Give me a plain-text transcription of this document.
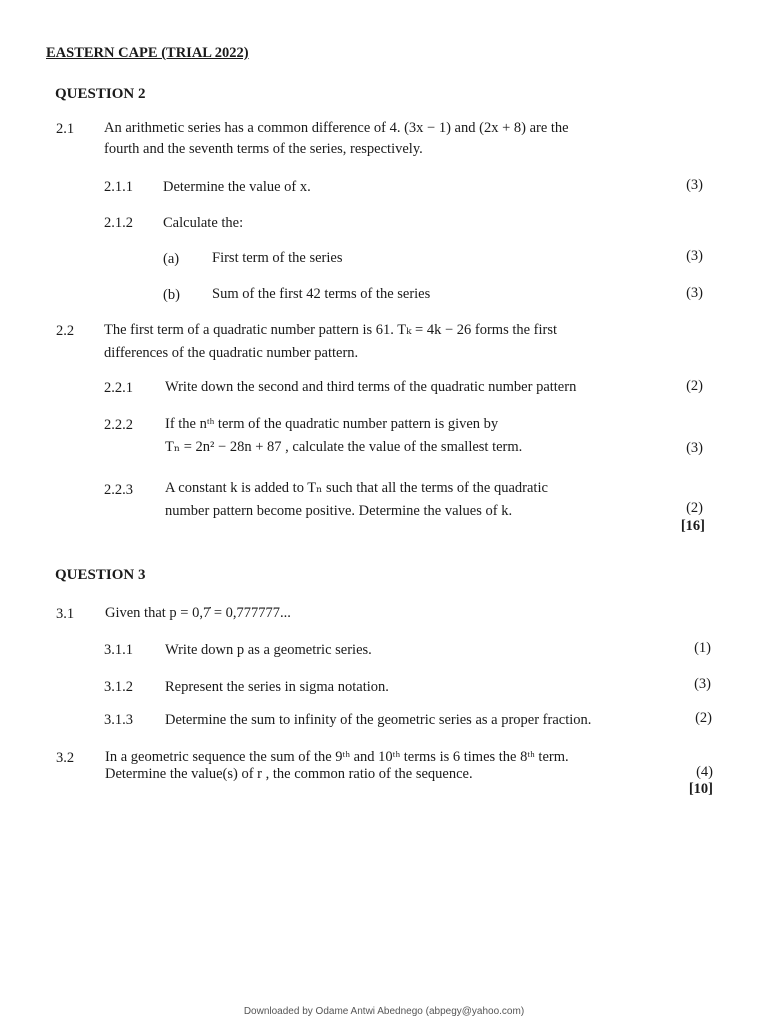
EASTERN CAPE (TRIAL 2022)
QUESTION 2
2.1 An arithmetic series has a common difference of 4. (3x − 1) and (2x + 8) are the
fourth and the seventh terms of the series, respectively.
2.1.1 Determine the value of x.	(3)
2.1.2 Calculate the:
(a) First term of the series	(3)
(b) Sum of the first 42 terms of the series	(3)
2.2 The first term of a quadratic number pattern is 61. Tₖ = 4k − 26 forms the first
differences of the quadratic number pattern.
2.2.1 Write down the second and third terms of the quadratic number pattern	(2)
2.2.2 If the nᵗʰ term of the quadratic number pattern is given by
Tₙ = 2n² − 28n + 87 , calculate the value of the smallest term.	(3)
2.2.3 A constant k is added to Tₙ such that all the terms of the quadratic
number pattern become positive. Determine the values of k.	(2)
[16]
QUESTION 3
3.1 Given that p = 0,7̇ = 0,777777...
3.1.1 Write down p as a geometric series.	(1)
3.1.2 Represent the series in sigma notation.	(3)
3.1.3 Determine the sum to infinity of the geometric series as a proper fraction.	(2)
3.2 In a geometric sequence the sum of the 9ᵗʰ and 10ᵗʰ terms is 6 times the 8ᵗʰ term.
Determine the value(s) of r , the common ratio of the sequence.	(4)
[10]
Downloaded by Odame Antwi Abednego (abpegy@yahoo.com)
